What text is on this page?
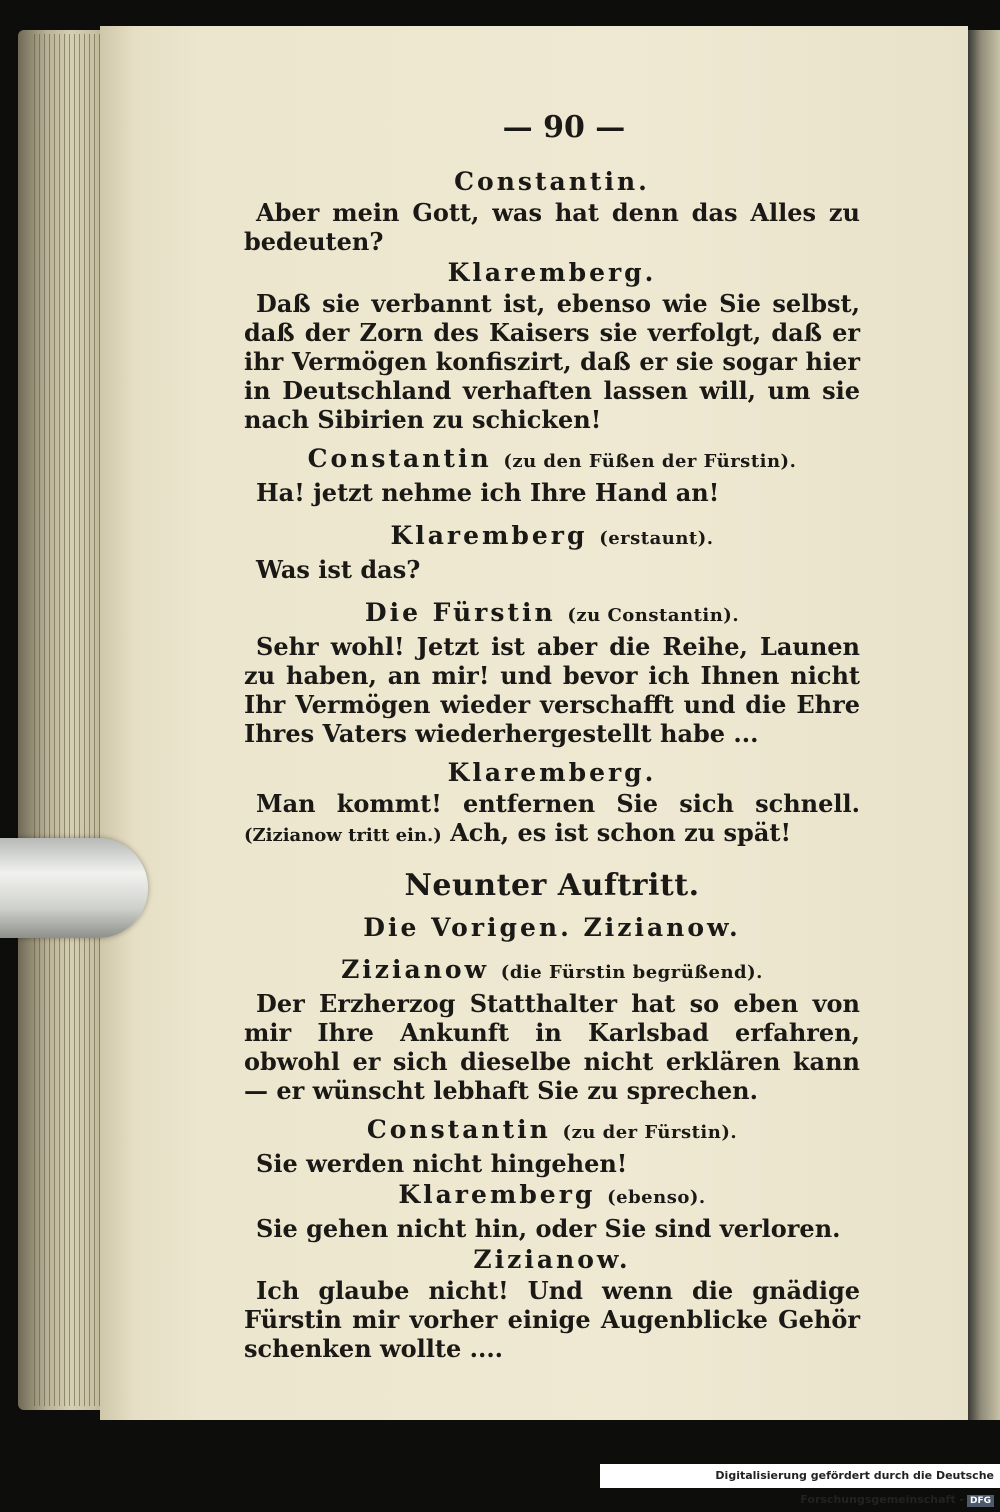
— 90 —
Constantin.
Aber mein Gott, was hat denn das Alles zu bedeuten?
Klaremberg.
Daß sie verbannt ist, ebenso wie Sie selbst, daß der Zorn des Kaisers sie verfolgt, daß er ihr Vermögen konfiszirt, daß er sie sogar hier in Deutschland verhaften lassen will, um sie nach Sibirien zu schicken!
Constantin (zu den Füßen der Fürstin).
Ha! jetzt nehme ich Ihre Hand an!
Klaremberg (erstaunt).
Was ist das?
Die Fürstin (zu Constantin).
Sehr wohl! Jetzt ist aber die Reihe, Launen zu haben, an mir! und bevor ich Ihnen nicht Ihr Vermögen wieder verschafft und die Ehre Ihres Vaters wiederhergestellt habe ...
Klaremberg.
Man kommt! entfernen Sie sich schnell. (Zizianow tritt ein.) Ach, es ist schon zu spät!
Neunter Auftritt.
Die Vorigen. Zizianow.
Zizianow (die Fürstin begrüßend).
Der Erzherzog Statthalter hat so eben von mir Ihre Ankunft in Karlsbad erfahren, obwohl er sich dieselbe nicht erklären kann — er wünscht lebhaft Sie zu sprechen.
Constantin (zu der Fürstin).
Sie werden nicht hingehen!
Klaremberg (ebenso).
Sie gehen nicht hin, oder Sie sind verloren.
Zizianow.
Ich glaube nicht! Und wenn die gnädige Fürstin mir vorher einige Augenblicke Gehör schenken wollte ....
Digitalisierung gefördert durch die Deutsche Forschungsgemeinschaft - DFG
